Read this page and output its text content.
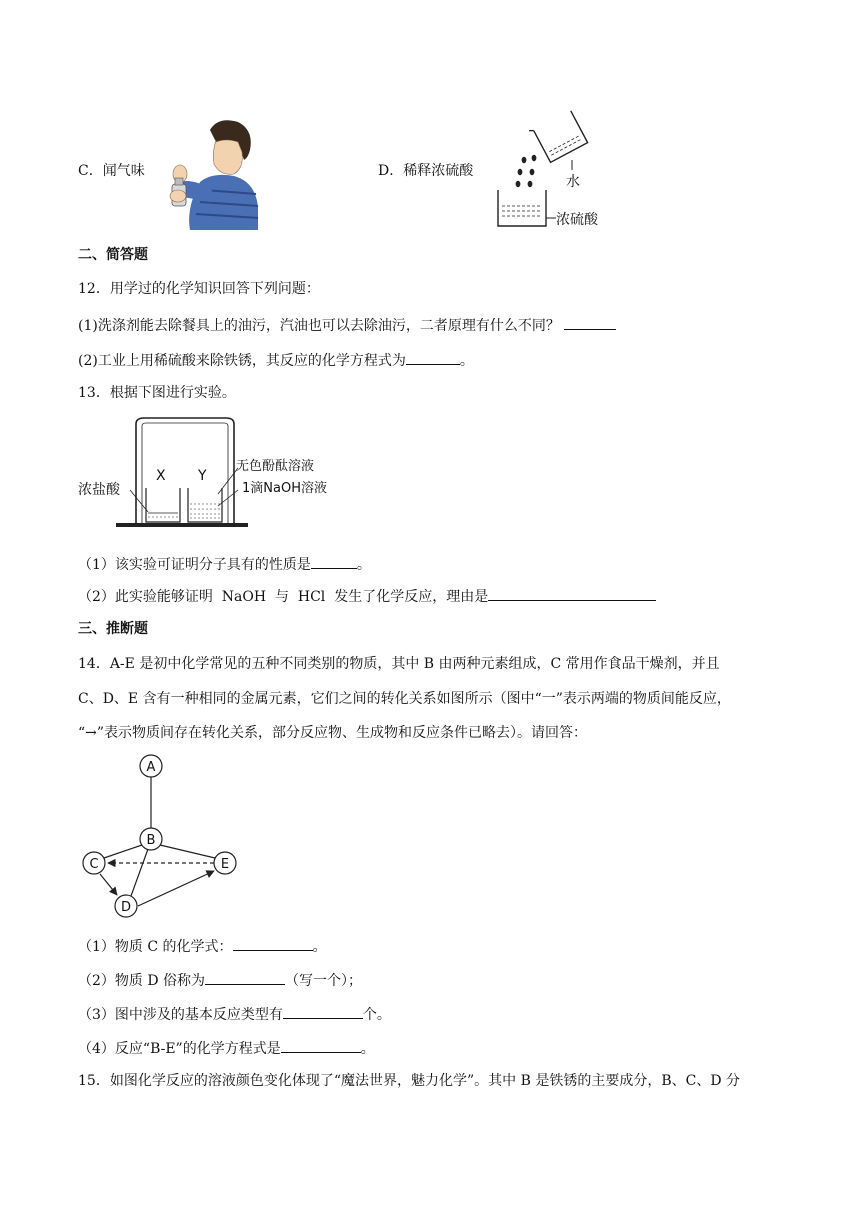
C．闻气味	D．稀释浓硫酸
水
浓硫酸
二、简答题
12．用学过的化学知识回答下列问题：
(1)洗涤剂能去除餐具上的油污，汽油也可以去除油污，二者原理有什么不同？
(2)工业上用稀硫酸来除铁锈，其反应的化学方程式为	。
13．根据下图进行实验。
X Y
浓盐酸
无色酚酞溶液
1滴NaOH溶液
（1）该实验可证明分子具有的性质是	。
（2）此实验能够证明  NaOH  与  HCl  发生了化学反应，理由是
三、推断题
14．A-E 是初中化学常见的五种不同类别的物质，其中 B 由两种元素组成，C 常用作食品干燥剂，并且
C、D、E 含有一种相同的金属元素，它们之间的转化关系如图所示（图中“一”表示两端的物质间能反应，
“→”表示物质间存在转化关系，部分反应物、生成物和反应条件已略去）。请回答：
A
B
C
D
E
（1）物质 C 的化学式：	。
（2）物质 D 俗称为	（写一个）；
（3）图中涉及的基本反应类型有	个。
（4）反应“B-E”的化学方程式是	。
15．如图化学反应的溶液颜色变化体现了“魔法世界，魅力化学”。其中 B 是铁锈的主要成分，B、C、D 分
